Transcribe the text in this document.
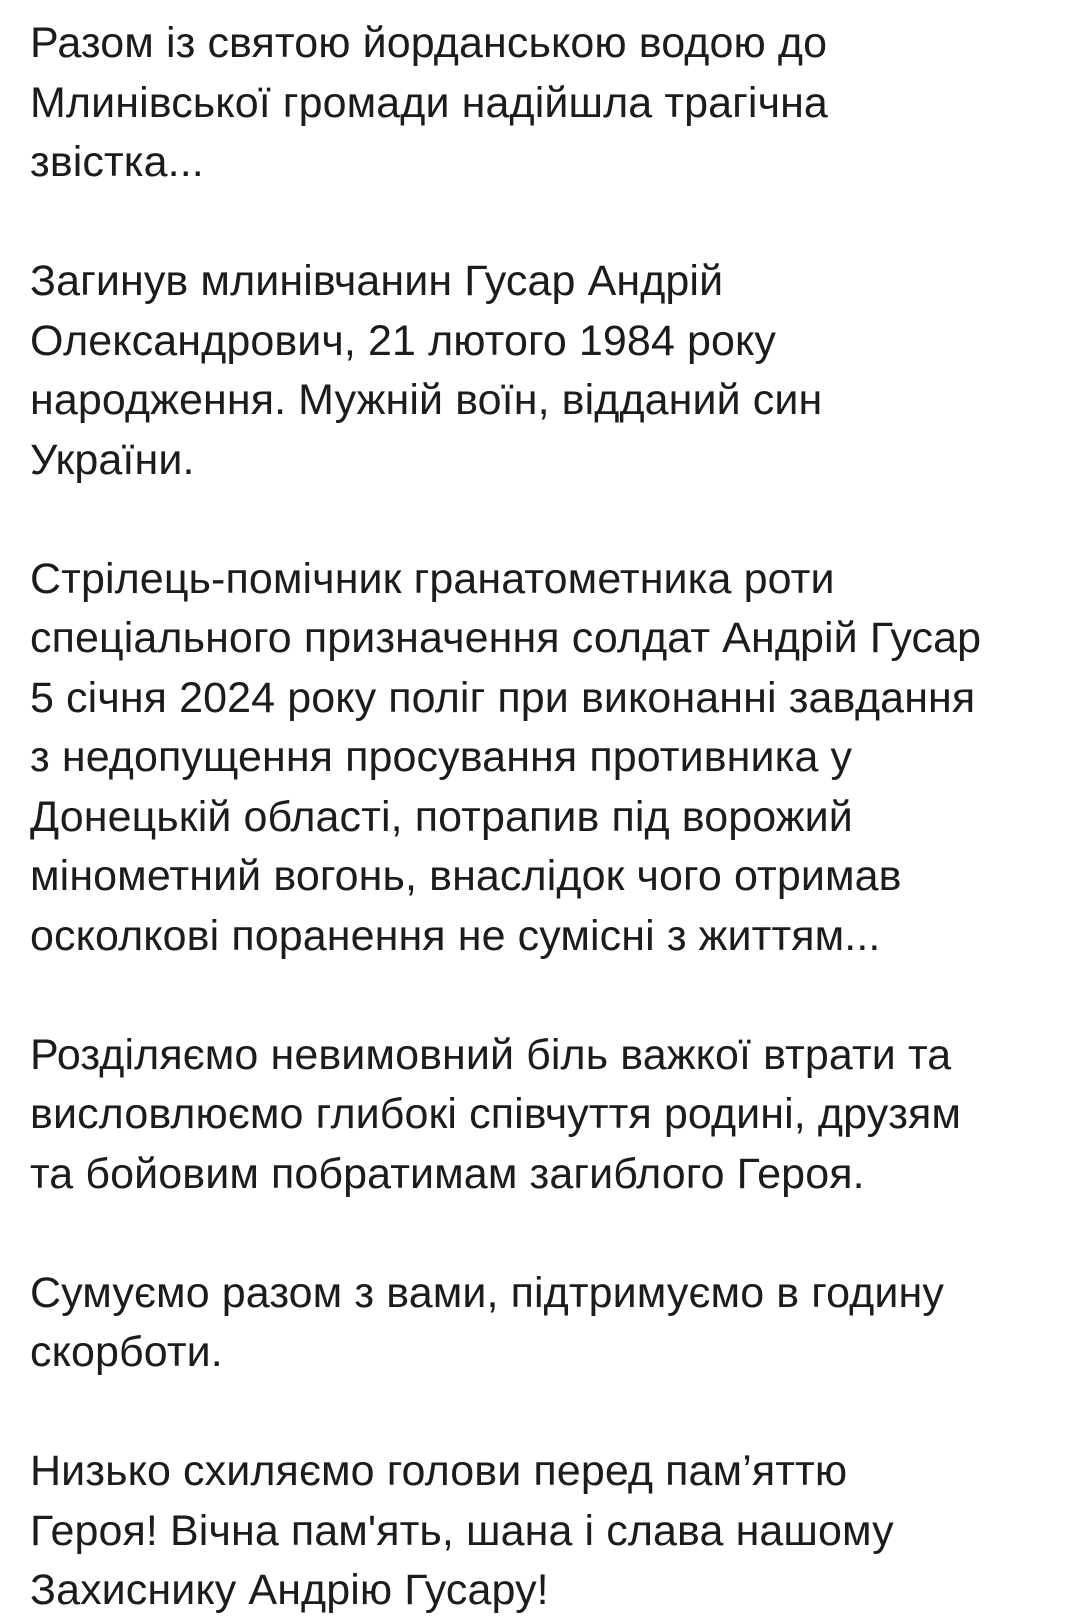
Разом із святою йорданською водою до
Млинівської громади надійшла трагічна
звістка...

Загинув млинівчанин Гусар Андрій
Олександрович, 21 лютого 1984 року
народження. Мужній воїн, відданий син
України.

Стрілець-помічник гранатометника роти
спеціального призначення солдат Андрій Гусар
5 січня 2024 року поліг при виконанні завдання
з недопущення просування противника у
Донецькій області, потрапив під ворожий
мінометний вогонь, внаслідок чого отримав
осколкові поранення не сумісні з життям...

Розділяємо невимовний біль важкої втрати та
висловлюємо глибокі співчуття родині, друзям
та бойовим побратимам загиблого Героя.

Сумуємо разом з вами, підтримуємо в годину
скорботи.

Низько схиляємо голови перед пам’яттю
Героя! Вічна пам'ять, шана і слава нашому
Захиснику Андрію Гусару!
